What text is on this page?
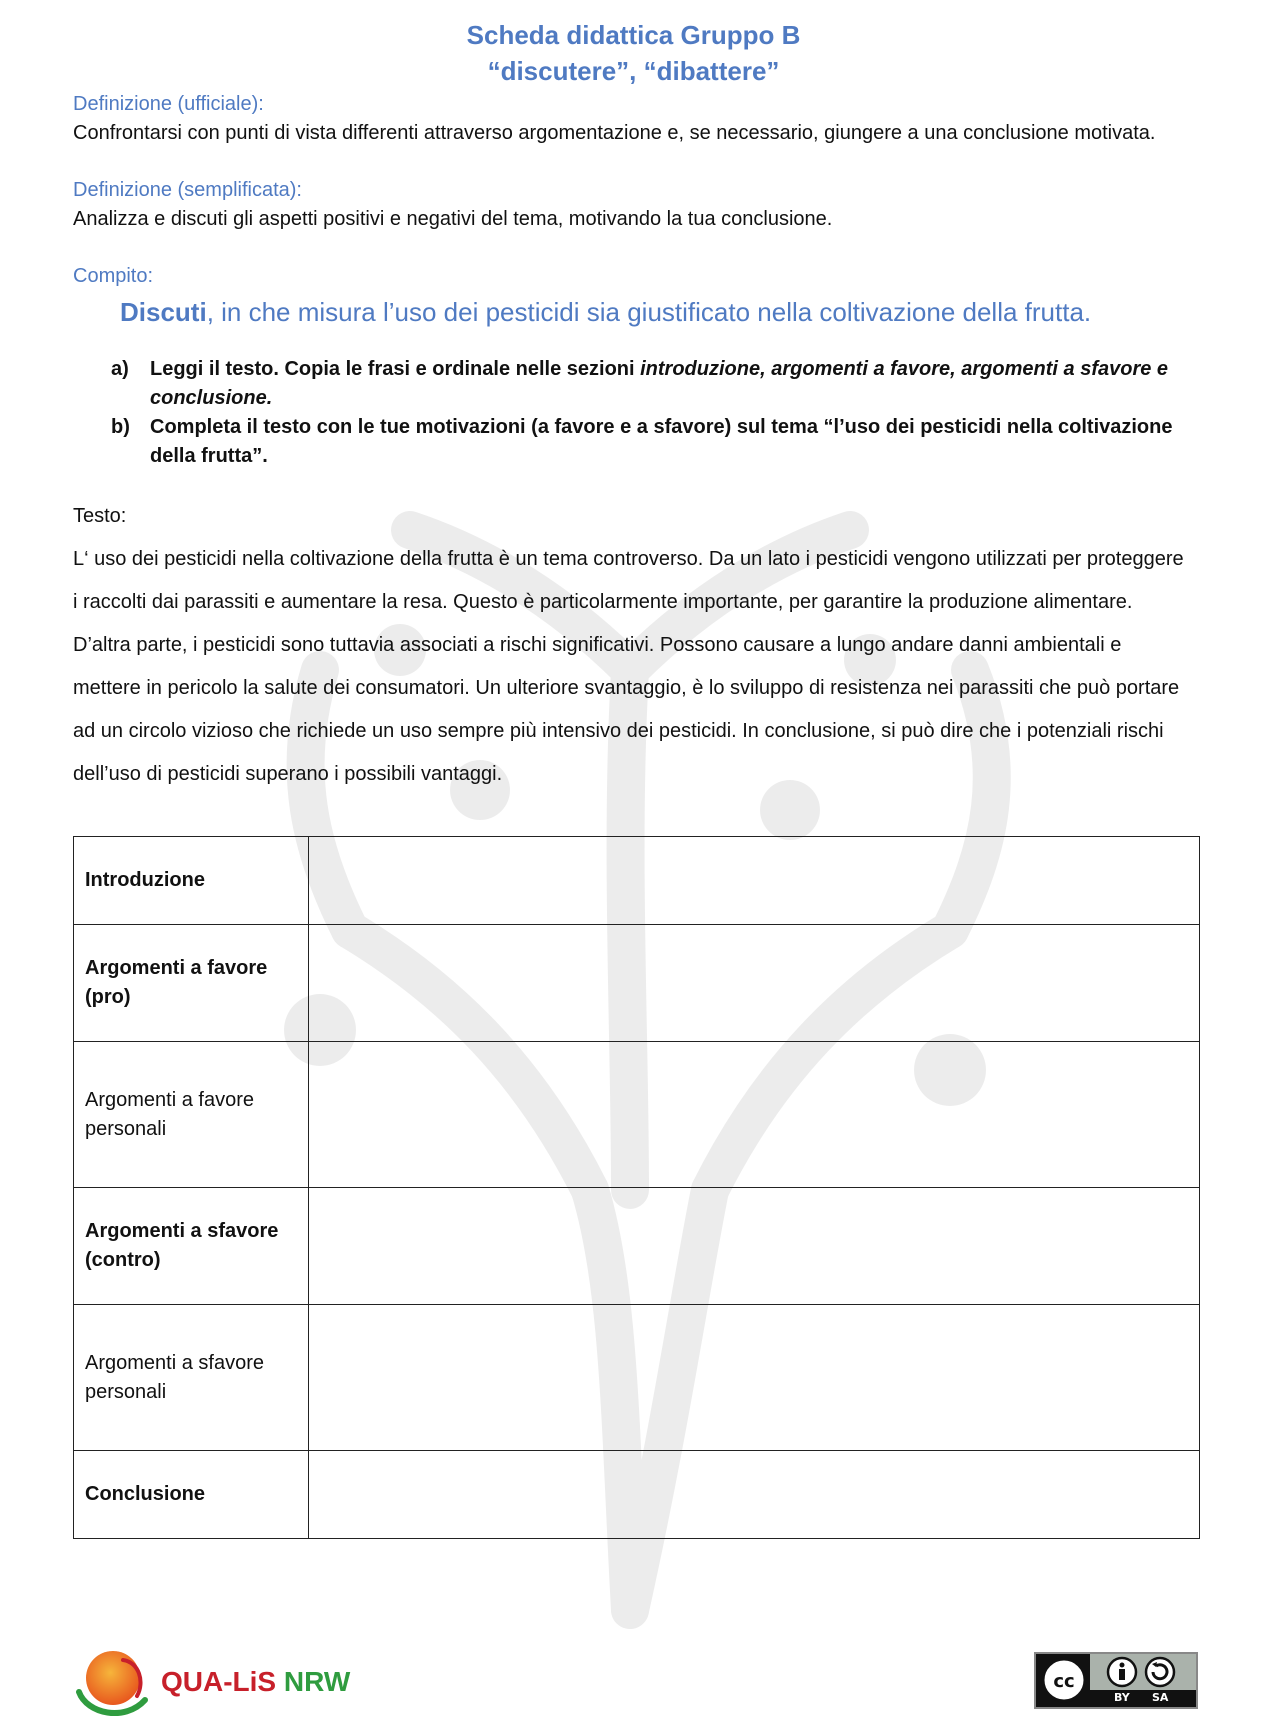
Scheda didattica Gruppo B
“discutere”, “dibattere”
Definizione (ufficiale):
Confrontarsi con punti di vista differenti attraverso argomentazione e, se necessario, giungere a una conclusione motivata.
Definizione (semplificata):
Analizza e discuti gli aspetti positivi e negativi del tema, motivando la tua conclusione.
Compito:
Discuti, in che misura l’uso dei pesticidi sia giustificato nella coltivazione della frutta.
a)	Leggi il testo. Copia le frasi e ordinale nelle sezioni introduzione, argomenti a favore, argomenti a sfavore e conclusione.
b)	Completa il testo con le tue motivazioni (a favore e a sfavore) sul tema “l’uso dei pesticidi nella coltivazione della frutta”.
Testo:
L‘ uso dei pesticidi nella coltivazione della frutta è un tema controverso. Da un lato i pesticidi vengono utilizzati per proteggere i raccolti dai parassiti e aumentare la resa. Questo è particolarmente importante, per garantire la produzione alimentare. D’altra parte, i pesticidi sono tuttavia associati a rischi significativi. Possono causare a lungo andare danni ambientali e mettere in pericolo la salute dei consumatori. Un ulteriore svantaggio, è lo sviluppo di resistenza nei parassiti che può portare ad un circolo vizioso che richiede un uso sempre più intensivo dei pesticidi. In conclusione, si può dire che i potenziali rischi dell’uso di pesticidi superano i possibili vantaggi.
Introduzione	
Argomenti a favore (pro)	
Argomenti a favore personali	
Argomenti a sfavore (contro)	
Argomenti a sfavore personali	
Conclusione	
QUA-LiS NRW	cc
BY SA
